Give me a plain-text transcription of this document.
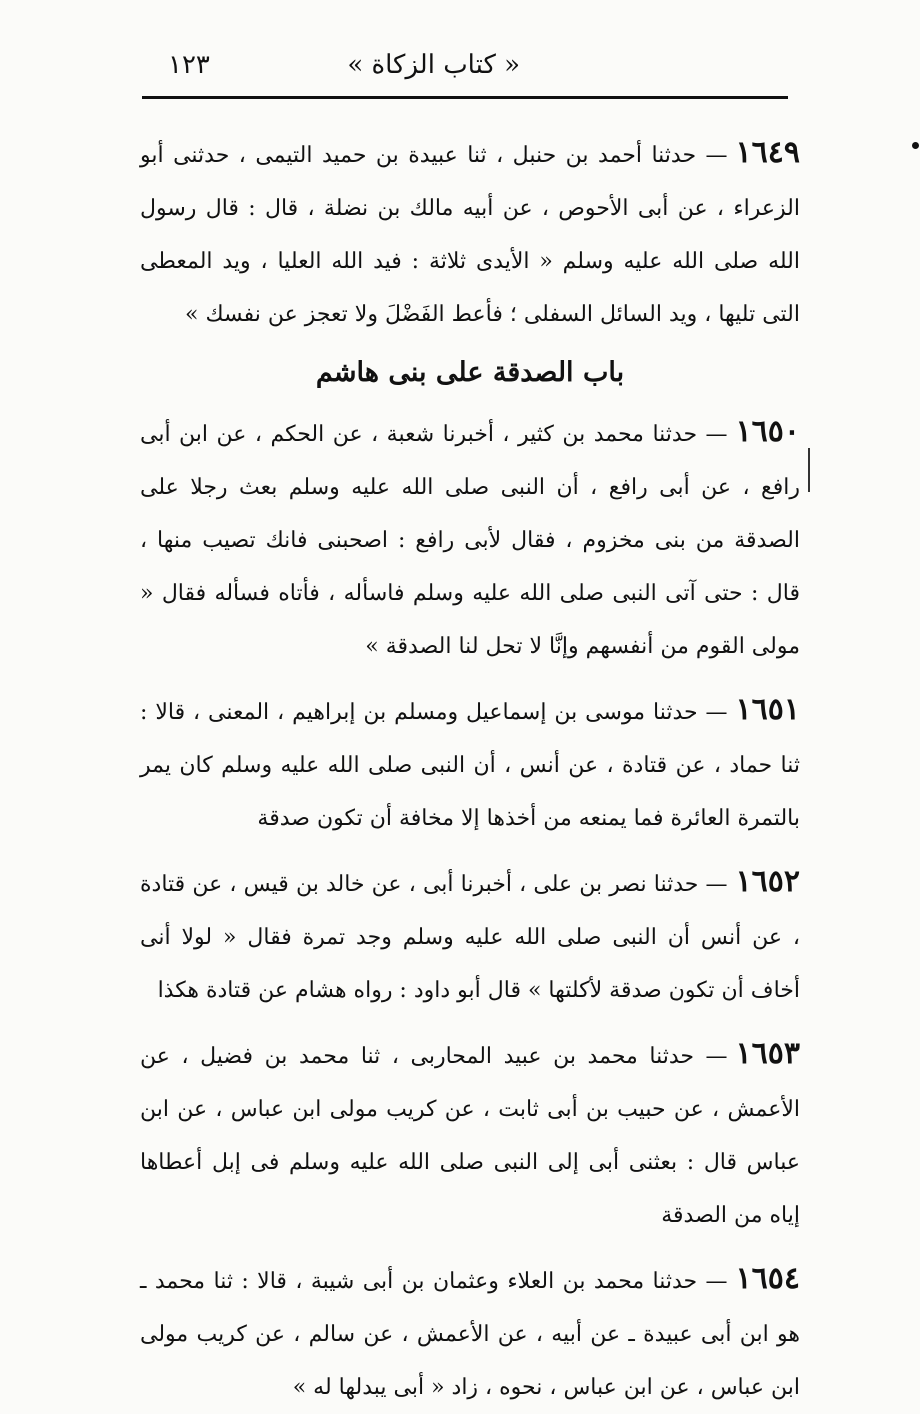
« كتاب الزكاة »
١٢٣

١٦٤٩— حدثنا أحمد بن حنبل ، ثنا عبيدة بن حميد التيمى ، حدثنى أبو الزعراء ، عن أبى الأحوص ، عن أبيه مالك بن نضلة ، قال : قال رسول الله صلى الله عليه وسلم « الأيدى ثلاثة : فيد الله العليا ، ويد المعطى التى تليها ، ويد السائل السفلى ؛ فأعط الفَضْلَ ولا تعجز عن نفسك »

باب الصدقة على بنى هاشم

١٦٥٠— حدثنا محمد بن كثير ، أخبرنا شعبة ، عن الحكم ، عن ابن أبى رافع ، عن أبى رافع ، أن النبى صلى الله عليه وسلم بعث رجلا على الصدقة من بنى مخزوم ، فقال لأبى رافع : اصحبنى فانك تصيب منها ، قال : حتى آتى النبى صلى الله عليه وسلم فاسأله ، فأتاه فسأله فقال « مولى القوم من أنفسهم وإنَّا لا تحل لنا الصدقة »

١٦٥١— حدثنا موسى بن إسماعيل ومسلم بن إبراهيم ، المعنى ، قالا : ثنا حماد ، عن قتادة ، عن أنس ، أن النبى صلى الله عليه وسلم كان يمر بالتمرة العائرة فما يمنعه من أخذها إلا مخافة أن تكون صدقة

١٦٥٢— حدثنا نصر بن على ، أخبرنا أبى ، عن خالد بن قيس ، عن قتادة ، عن أنس أن النبى صلى الله عليه وسلم وجد تمرة فقال « لولا أنى أخاف أن تكون صدقة لأكلتها » قال أبو داود : رواه هشام عن قتادة هكذا

١٦٥٣— حدثنا محمد بن عبيد المحاربى ، ثنا محمد بن فضيل ، عن الأعمش ، عن حبيب بن أبى ثابت ، عن كريب مولى ابن عباس ، عن ابن عباس قال : بعثنى أبى إلى النبى صلى الله عليه وسلم فى إبل أعطاها إياه من الصدقة

١٦٥٤— حدثنا محمد بن العلاء وعثمان بن أبى شيبة ، قالا : ثنا محمد ـ هو ابن أبى عبيدة ـ عن أبيه ، عن الأعمش ، عن سالم ، عن كريب مولى ابن عباس ، عن ابن عباس ، نحوه ، زاد « أبى يبدلها له »
